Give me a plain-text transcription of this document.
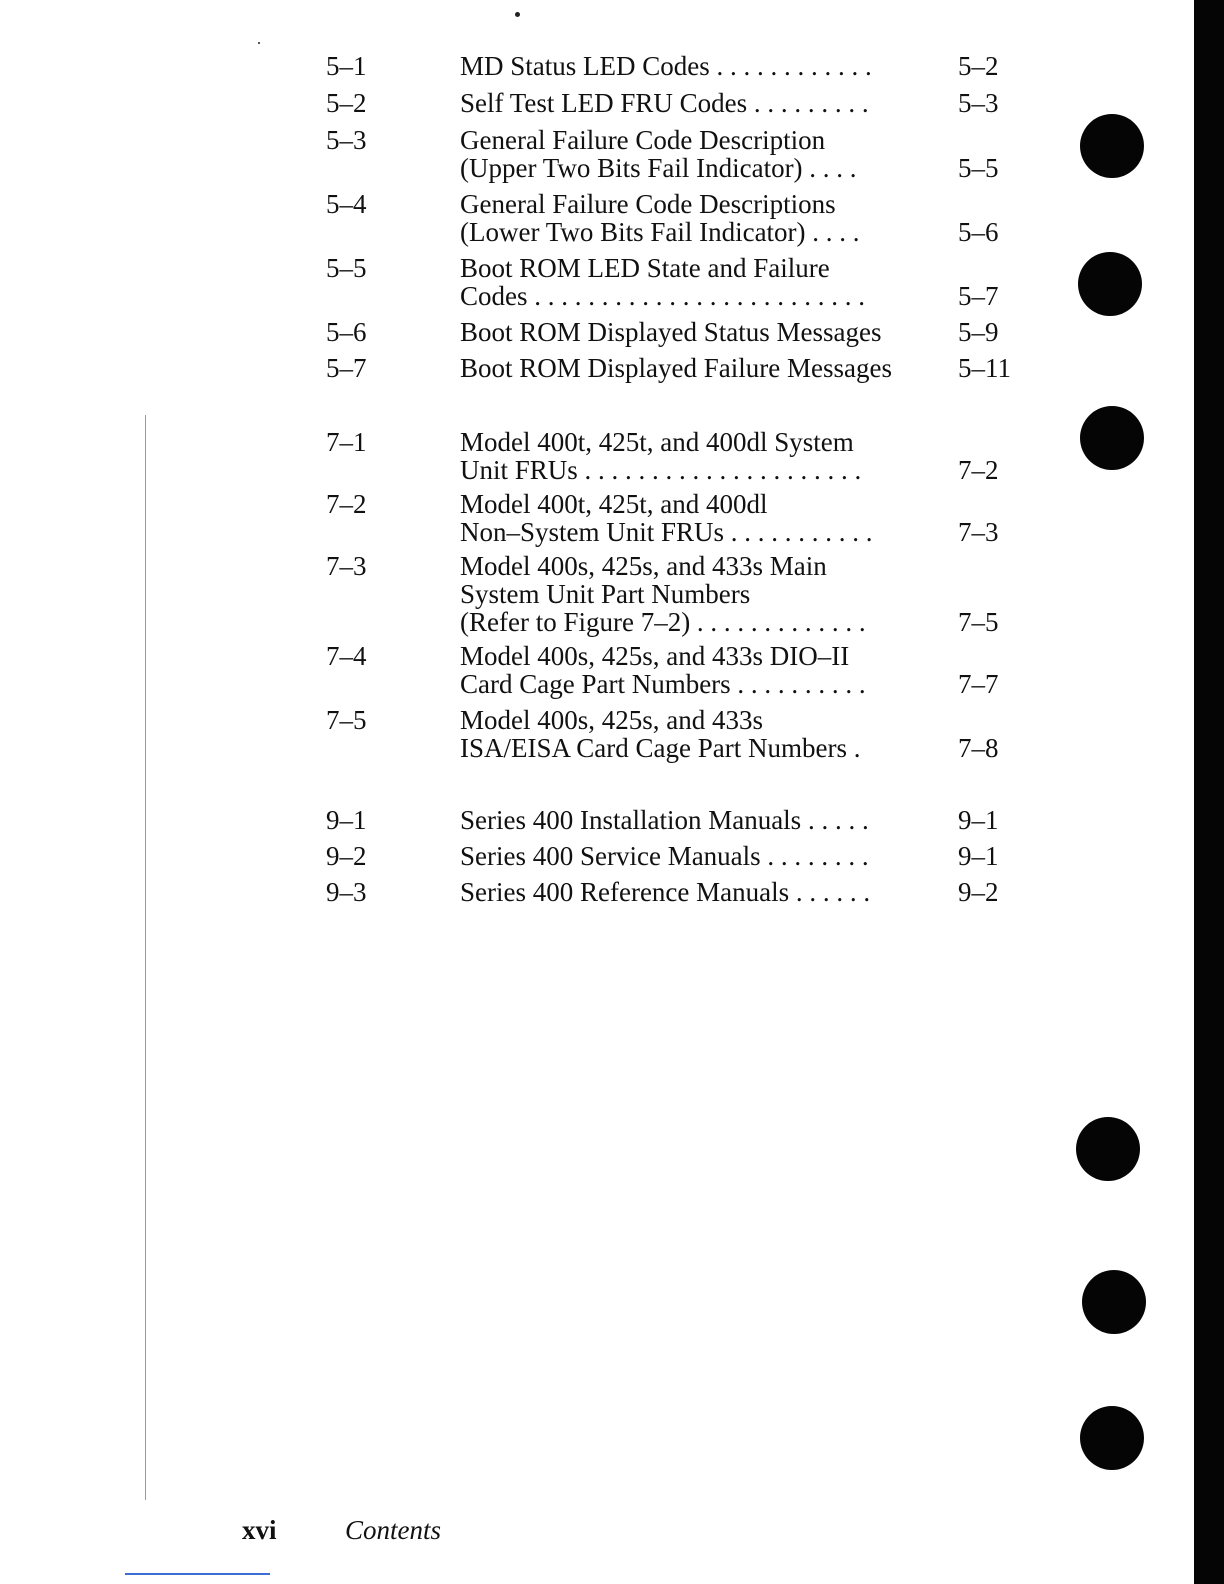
5–1	MD Status LED Codes . . . . . . . . . . . .	5–2
5–2	Self Test LED FRU Codes . . . . . . . . .	5–3
5–3	General Failure Code Description
(Upper Two Bits Fail Indicator) . . . .	5–5
5–4	General Failure Code Descriptions
(Lower Two Bits Fail Indicator) . . . .	5–6
5–5	Boot ROM LED State and Failure
Codes . . . . . . . . . . . . . . . . . . . . . . . . .	5–7
5–6	Boot ROM Displayed Status Messages	5–9
5–7	Boot ROM Displayed Failure Messages	5–11
7–1	Model 400t, 425t, and 400dl System
Unit FRUs . . . . . . . . . . . . . . . . . . . . .	7–2
7–2	Model 400t, 425t, and 400dl
Non–System Unit FRUs . . . . . . . . . . .	7–3
7–3	Model 400s, 425s, and 433s Main
System Unit Part Numbers
(Refer to Figure 7–2) . . . . . . . . . . . . .	7–5
7–4	Model 400s, 425s, and 433s DIO–II
Card Cage Part Numbers . . . . . . . . . .	7–7
7–5	Model 400s, 425s, and 433s
ISA/EISA Card Cage Part Numbers .	7–8
9–1	Series 400 Installation Manuals . . . . .	9–1
9–2	Series 400 Service Manuals . . . . . . . .	9–1
9–3	Series 400 Reference Manuals . . . . . .	9–2
xvi	Contents
